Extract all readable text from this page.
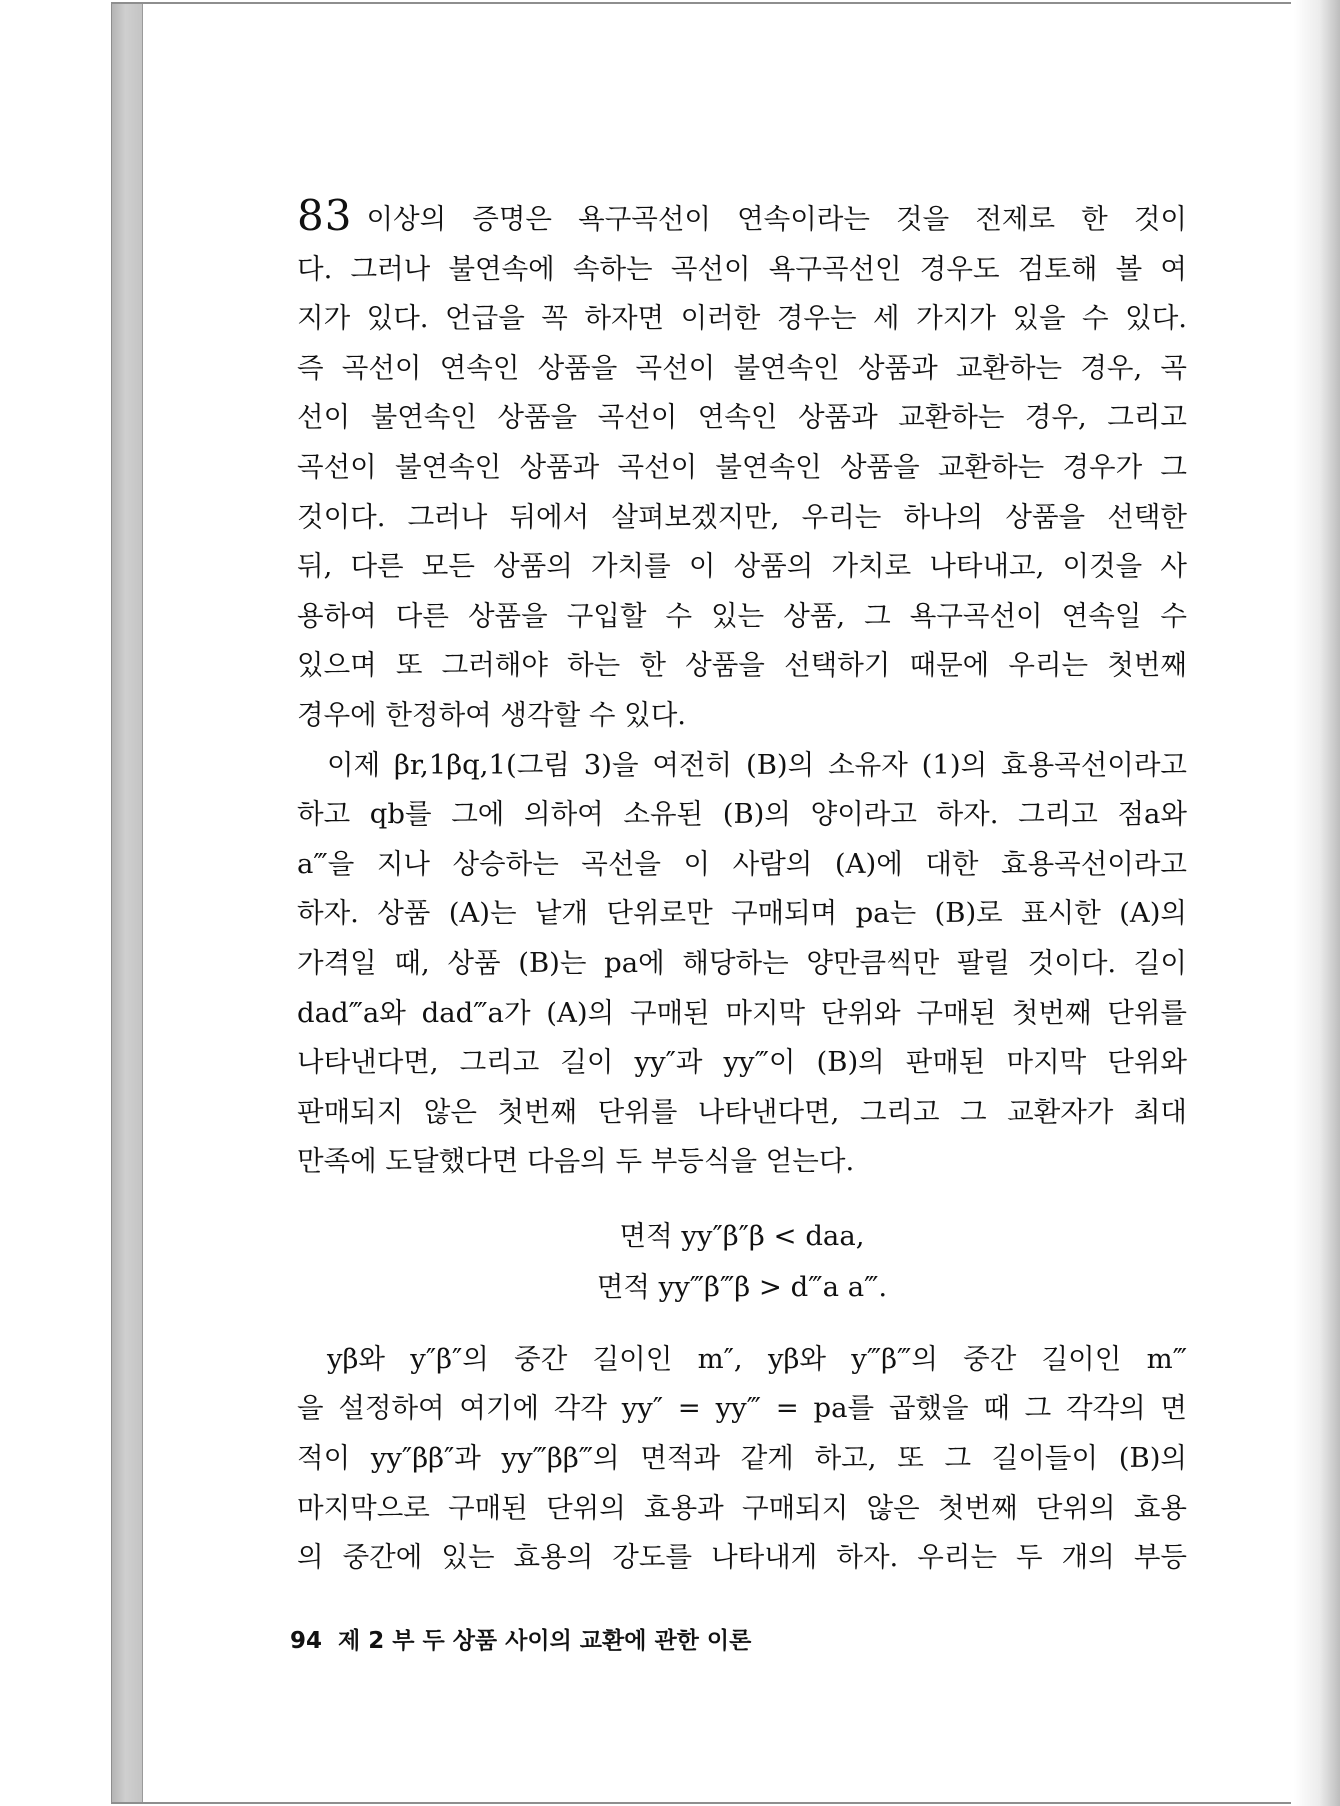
83 이상의 증명은 욕구곡선이 연속이라는 것을 전제로 한 것이

다. 그러나 불연속에 속하는 곡선이 욕구곡선인 경우도 검토해 볼 여

지가 있다. 언급을 꼭 하자면 이러한 경우는 세 가지가 있을 수 있다.

즉 곡선이 연속인 상품을 곡선이 불연속인 상품과 교환하는 경우, 곡

선이 불연속인 상품을 곡선이 연속인 상품과 교환하는 경우, 그리고

곡선이 불연속인 상품과 곡선이 불연속인 상품을 교환하는 경우가 그

것이다. 그러나 뒤에서 살펴보겠지만, 우리는 하나의 상품을 선택한

뒤, 다른 모든 상품의 가치를 이 상품의 가치로 나타내고, 이것을 사

용하여 다른 상품을 구입할 수 있는 상품, 그 욕구곡선이 연속일 수

있으며 또 그러해야 하는 한 상품을 선택하기 때문에 우리는 첫번째

경우에 한정하여 생각할 수 있다.

이제 βr,1βq,1(그림 3)을 여전히 (B)의 소유자 (1)의 효용곡선이라고

하고 qb를 그에 의하여 소유된 (B)의 양이라고 하자. 그리고 점a와

a‴을 지나 상승하는 곡선을 이 사람의 (A)에 대한 효용곡선이라고

하자. 상품 (A)는 낱개 단위로만 구매되며 pa는 (B)로 표시한 (A)의

가격일 때, 상품 (B)는 pa에 해당하는 양만큼씩만 팔릴 것이다. 길이

dad‴a와 dad‴a가 (A)의 구매된 마지막 단위와 구매된 첫번째 단위를

나타낸다면, 그리고 길이 yy″과 yy‴이 (B)의 판매된 마지막 단위와

판매되지 않은 첫번째 단위를 나타낸다면, 그리고 그 교환자가 최대

만족에 도달했다면 다음의 두 부등식을 얻는다.

면적 yy″β″β < daa,
면적 yy‴β‴β > d‴a a‴.

yβ와 y″β″의 중간 길이인 m″, yβ와 y‴β‴의 중간 길이인 m‴

을 설정하여 여기에 각각 yy″ = yy‴ = pa를 곱했을 때 그 각각의 면

적이 yy″ββ″과 yy‴ββ‴의 면적과 같게 하고, 또 그 길이들이 (B)의

마지막으로 구매된 단위의 효용과 구매되지 않은 첫번째 단위의 효용

의 중간에 있는 효용의 강도를 나타내게 하자. 우리는 두 개의 부등

94 제 2 부 두 상품 사이의 교환에 관한 이론
